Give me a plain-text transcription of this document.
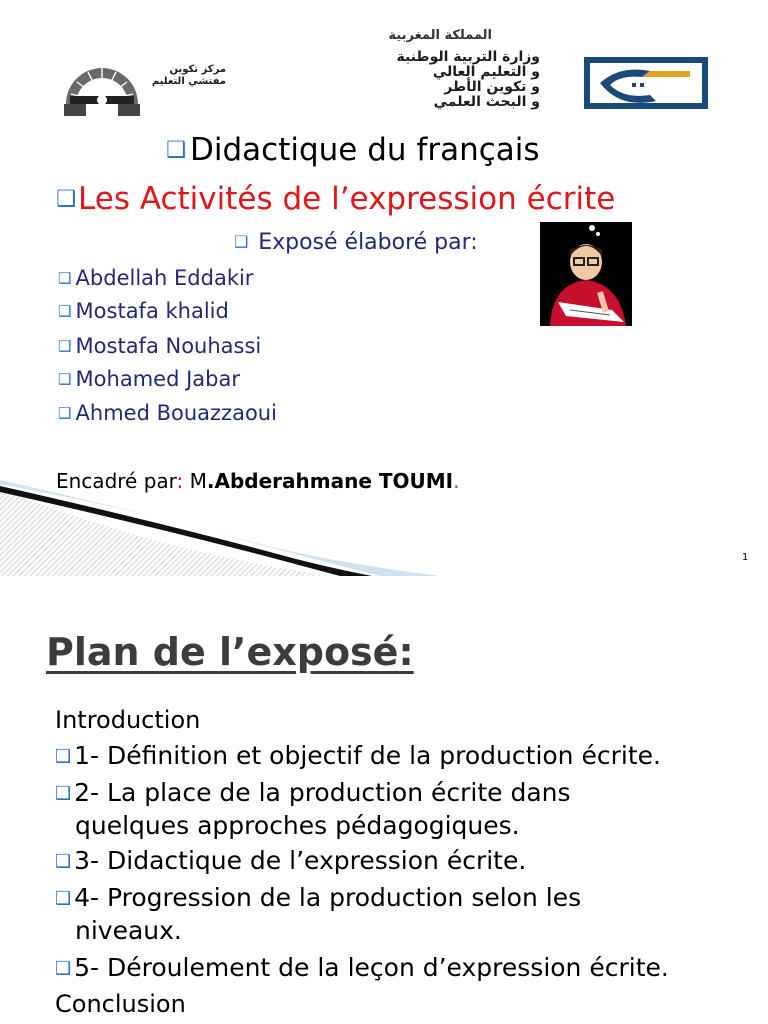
مركز تكوين
مفتشي التعليم
المملكة المغربية
وزارة التربية الوطنية
و التعليم العالي
و تكوين الأطر
و البحث العلمي
❑ Didactique du français
❑Les Activités de l’expression écrite
❑ Exposé élaboré par:
❑ Abdellah Eddakir
❑ Mostafa khalid
❑ Mostafa Nouhassi
❑ Mohamed Jabar
❑ Ahmed Bouazzaoui
Encadré par: M.Abderahmane TOUMI.
1
Plan de l’exposé:
Introduction
❑ 1- Définition et objectif de la production écrite.
❑ 2- La place de la production écrite dans
quelques approches pédagogiques.
❑ 3- Didactique de l’expression écrite.
❑ 4- Progression de la production selon les
niveaux.
❑ 5- Déroulement de la leçon d’expression écrite.
Conclusion
